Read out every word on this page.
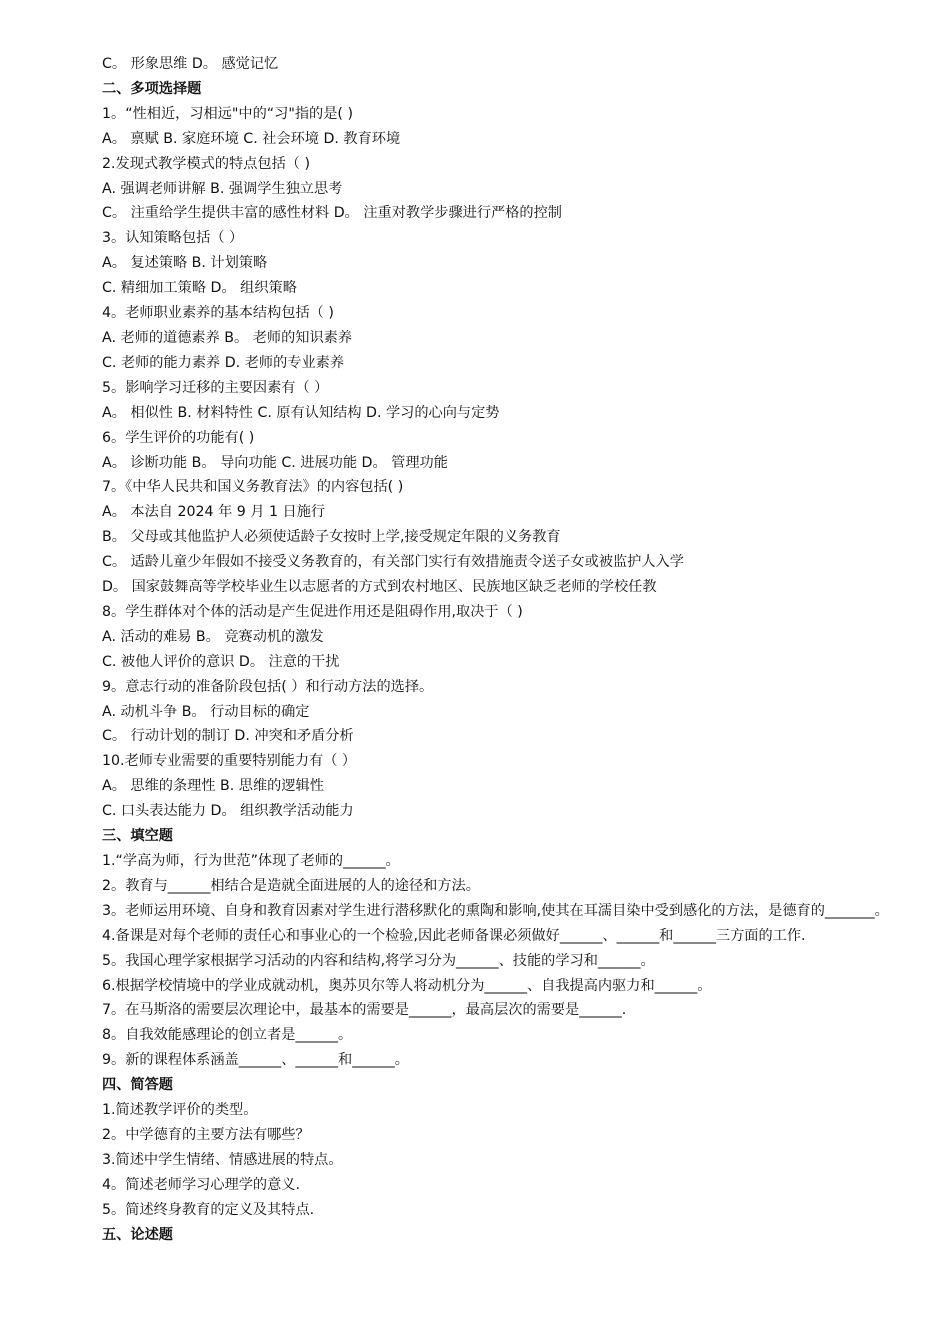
C。 形象思维 D。 感觉记忆
二、多项选择题
1。“性相近，习相远"中的“习"指的是( )
A。 禀赋 B. 家庭环境 C. 社会环境 D. 教育环境
2.发现式教学模式的特点包括（ )
A. 强调老师讲解 B. 强调学生独立思考
C。 注重给学生提供丰富的感性材料 D。 注重对教学步骤进行严格的控制
3。认知策略包括（ ）
A。 复述策略 B. 计划策略
C. 精细加工策略 D。 组织策略
4。老师职业素养的基本结构包括（ )
A. 老师的道德素养 B。 老师的知识素养
C. 老师的能力素养 D. 老师的专业素养
5。影响学习迁移的主要因素有（ ）
A。 相似性 B. 材料特性 C. 原有认知结构 D. 学习的心向与定势
6。学生评价的功能有( )
A。 诊断功能 B。 导向功能 C. 进展功能 D。 管理功能
7。《中华人民共和国义务教育法》的内容包括( )
A。 本法自 2024 年 9 月 1 日施行
B。 父母或其他监护人必须使适龄子女按时上学,接受规定年限的义务教育
C。 适龄儿童少年假如不接受义务教育的，有关部门实行有效措施责令送子女或被监护人入学
D。 国家鼓舞高等学校毕业生以志愿者的方式到农村地区、民族地区缺乏老师的学校任教
8。学生群体对个体的活动是产生促进作用还是阻碍作用,取决于（ )
A. 活动的难易 B。 竞赛动机的激发
C. 被他人评价的意识 D。 注意的干扰
9。意志行动的准备阶段包括( ）和行动方法的选择。
A. 动机斗争 B。 行动目标的确定
C。 行动计划的制订 D. 冲突和矛盾分析
10.老师专业需要的重要特别能力有（ ）
A。 思维的条理性 B. 思维的逻辑性
C. 口头表达能力 D。 组织教学活动能力
三、填空题
1.“学高为师，行为世范”体现了老师的______。
2。教育与______相结合是造就全面进展的人的途径和方法。
3。老师运用环境、自身和教育因素对学生进行潜移默化的熏陶和影响,使其在耳濡目染中受到感化的方法，是德育的_______。
4.备课是对每个老师的责任心和事业心的一个检验,因此老师备课必须做好______、______和______三方面的工作.
5。我国心理学家根据学习活动的内容和结构,将学习分为______、技能的学习和______。
6.根据学校情境中的学业成就动机，奥苏贝尔等人将动机分为______、自我提高内驱力和______。
7。在马斯洛的需要层次理论中，最基本的需要是______，最高层次的需要是______.
8。自我效能感理论的创立者是______。
9。新的课程体系涵盖______、______和______。
四、简答题
1.简述教学评价的类型。
2。中学德育的主要方法有哪些？
3.简述中学生情绪、情感进展的特点。
4。简述老师学习心理学的意义.
5。简述终身教育的定义及其特点.
五、论述题
